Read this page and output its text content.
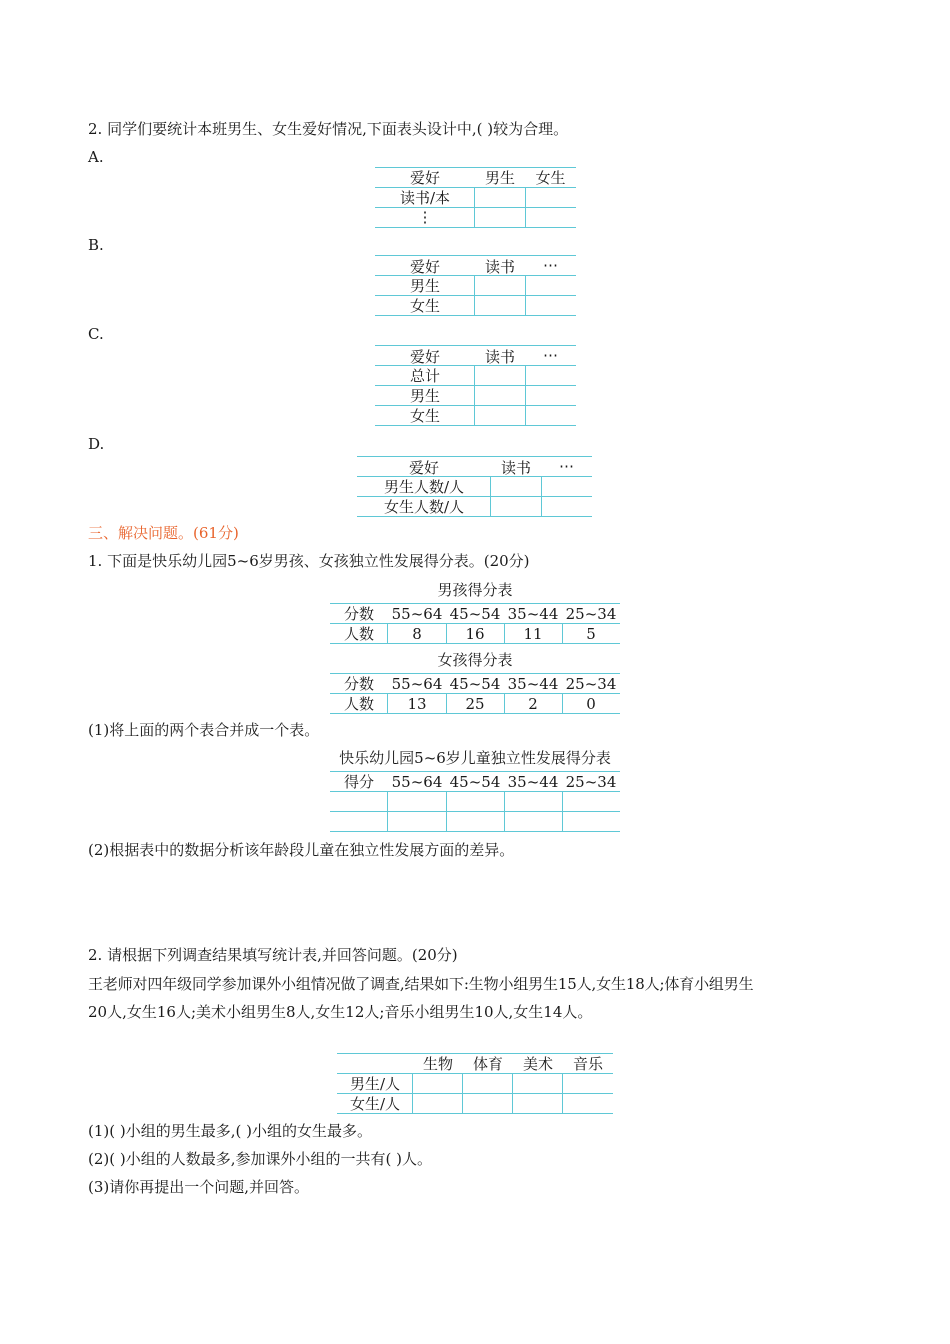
2. 同学们要统计本班男生、女生爱好情况,下面表头设计中,( )较为合理。
A.
爱好	男生	女生
读书/本
⋮
B.
爱好	读书	⋯
男生
女生
C.
爱好	读书	⋯
总计
男生
女生
D.
爱好	读书	⋯
男生人数/人
女生人数/人
三、解决问题。(61分)
1. 下面是快乐幼儿园5~6岁男孩、女孩独立性发展得分表。(20分)
男孩得分表
分数	55~64 45~54 35~44 25~34
人数	8	16	11	5
女孩得分表
分数	55~64 45~54 35~44 25~34
人数	13	25	2	0
(1)将上面的两个表合并成一个表。
快乐幼儿园5~6岁儿童独立性发展得分表
得分	55~64 45~54 35~44 25~34
(2)根据表中的数据分析该年龄段儿童在独立性发展方面的差异。
2. 请根据下列调查结果填写统计表,并回答问题。(20分)
王老师对四年级同学参加课外小组情况做了调查,结果如下:生物小组男生15人,女生18人;体育小组男生
20人,女生16人;美术小组男生8人,女生12人;音乐小组男生10人,女生14人。
生物	体育	美术	音乐
男生/人
女生/人
(1)( )小组的男生最多,( )小组的女生最多。
(2)( )小组的人数最多,参加课外小组的一共有( )人。
(3)请你再提出一个问题,并回答。
